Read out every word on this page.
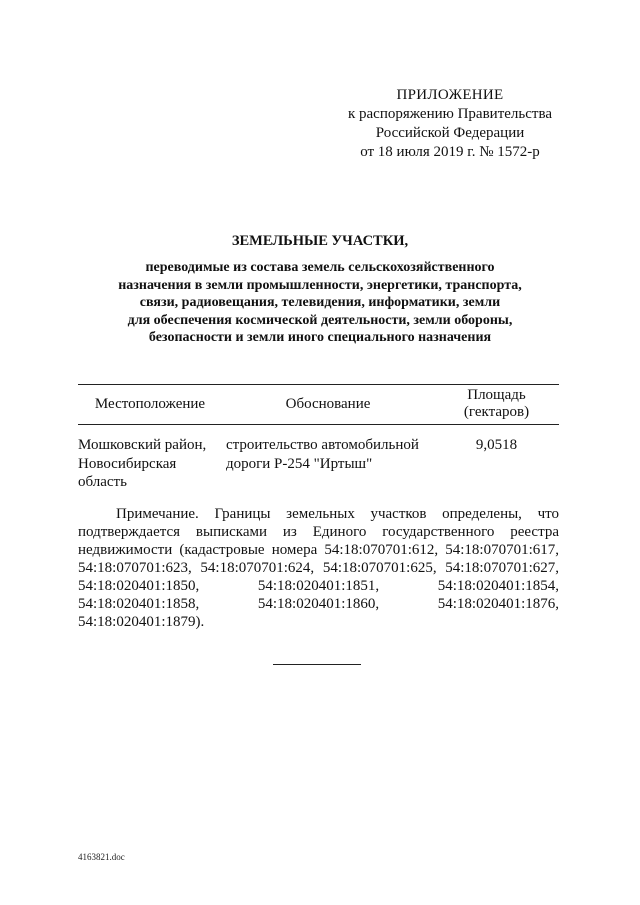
ПРИЛОЖЕНИЕ
к распоряжению Правительства
Российской Федерации
от 18 июля 2019 г. № 1572-р
ЗЕМЕЛЬНЫЕ УЧАСТКИ,
переводимые из состава земель сельскохозяйственного
назначения в земли промышленности, энергетики, транспорта,
связи, радиовещания, телевидения, информатики, земли
для обеспечения космической деятельности, земли обороны,
безопасности и земли иного специального назначения
Местоположение	Обоснование
Площадь
(гектаров)
Мошковский район,
Новосибирская
область
строительство автомобильной
дороги Р-254 "Иртыш"
9,0518
Примечание. Границы земельных участков определены, что подтверждается выписками из Единого государственного реестра недвижимости (кадастровые номера 54:18:070701:612, 54:18:070701:617, 54:18:070701:623, 54:18:070701:624, 54:18:070701:625, 54:18:070701:627, 54:18:020401:1850, 54:18:020401:1851, 54:18:020401:1854, 54:18:020401:1858, 54:18:020401:1860, 54:18:020401:1876, 54:18:020401:1879).
4163821.doc
